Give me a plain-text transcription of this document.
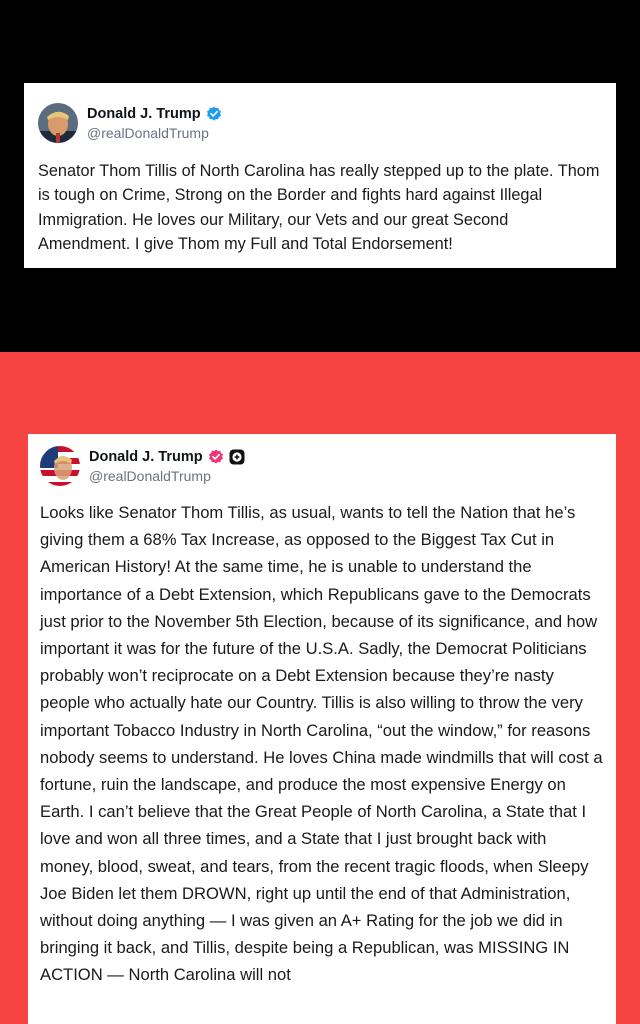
Donald J. Trump
@realDonaldTrump
Senator Thom Tillis of North Carolina has really stepped up to the plate. Thom is tough on Crime, Strong on the Border and fights hard against Illegal Immigration. He loves our Military, our Vets and our great Second Amendment. I give Thom my Full and Total Endorsement!
Donald J. Trump
@realDonaldTrump
Looks like Senator Thom Tillis, as usual, wants to tell the Nation that he’s giving them a 68% Tax Increase, as opposed to the Biggest Tax Cut in American History! At the same time, he is unable to understand the importance of a Debt Extension, which Republicans gave to the Democrats just prior to the November 5th Election, because of its significance, and how important it was for the future of the U.S.A. Sadly, the Democrat Politicians probably won’t reciprocate on a Debt Extension because they’re nasty people who actually hate our Country. Tillis is also willing to throw the very important Tobacco Industry in North Carolina, “out the window,” for reasons nobody seems to understand. He loves China made windmills that will cost a fortune, ruin the landscape, and produce the most expensive Energy on Earth. I can’t believe that the Great People of North Carolina, a State that I love and won all three times, and a State that I just brought back with money, blood, sweat, and tears, from the recent tragic floods, when Sleepy Joe Biden let them DROWN, right up until the end of that Administration, without doing anything — I was given an A+ Rating for the job we did in bringing it back, and Tillis, despite being a Republican, was MISSING IN ACTION — North Carolina will not
